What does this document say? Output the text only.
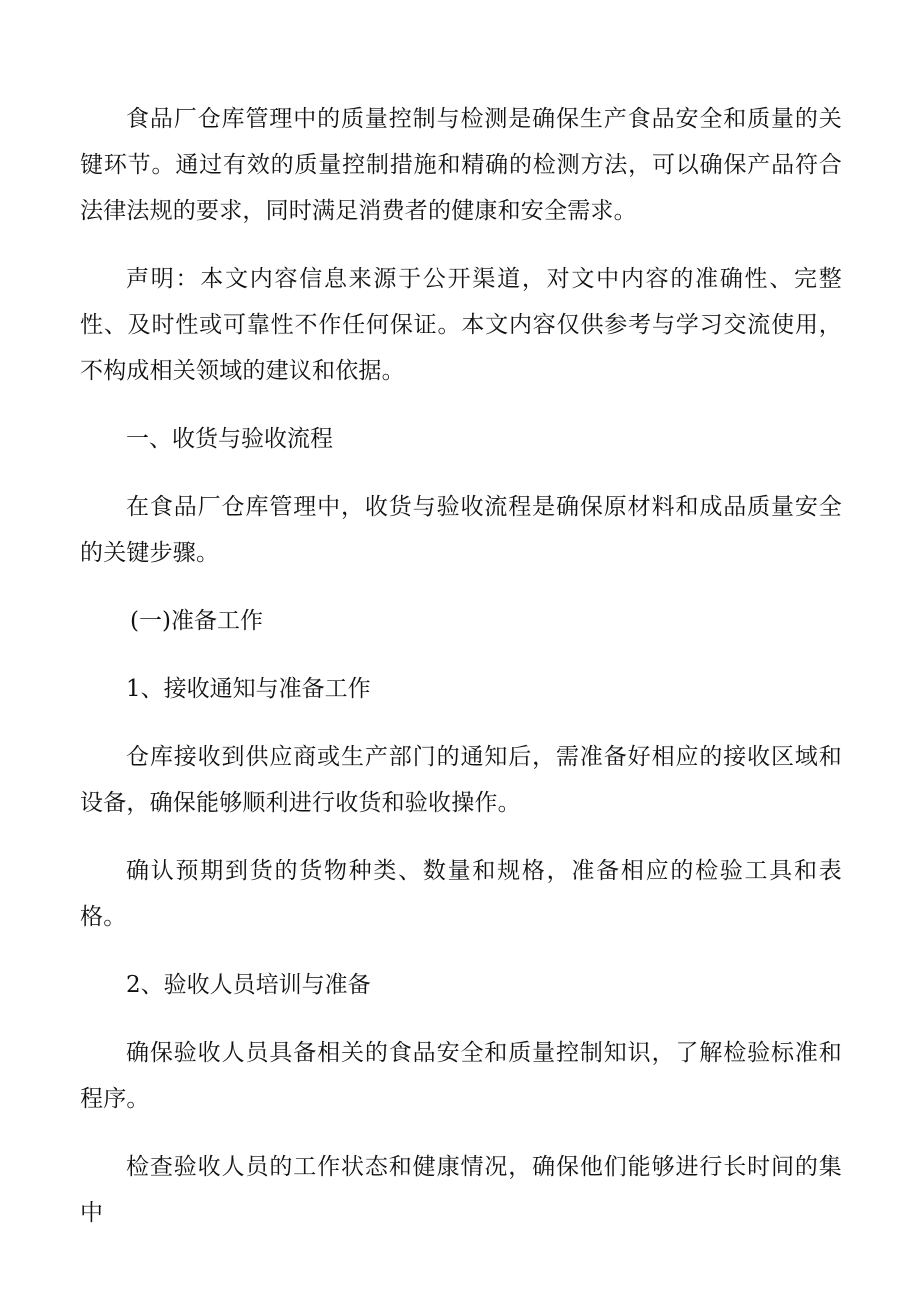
食品厂仓库管理中的质量控制与检测是确保生产食品安全和质量的关键环节。通过有效的质量控制措施和精确的检测方法，可以确保产品符合法律法规的要求，同时满足消费者的健康和安全需求。

声明：本文内容信息来源于公开渠道，对文中内容的准确性、完整性、及时性或可靠性不作任何保证。本文内容仅供参考与学习交流使用，不构成相关领域的建议和依据。

一、收货与验收流程

在食品厂仓库管理中，收货与验收流程是确保原材料和成品质量安全的关键步骤。

(一)准备工作

1、接收通知与准备工作

仓库接收到供应商或生产部门的通知后，需准备好相应的接收区域和设备，确保能够顺利进行收货和验收操作。

确认预期到货的货物种类、数量和规格，准备相应的检验工具和表格。

2、验收人员培训与准备

确保验收人员具备相关的食品安全和质量控制知识，了解检验标准和程序。

检查验收人员的工作状态和健康情况，确保他们能够进行长时间的集中
